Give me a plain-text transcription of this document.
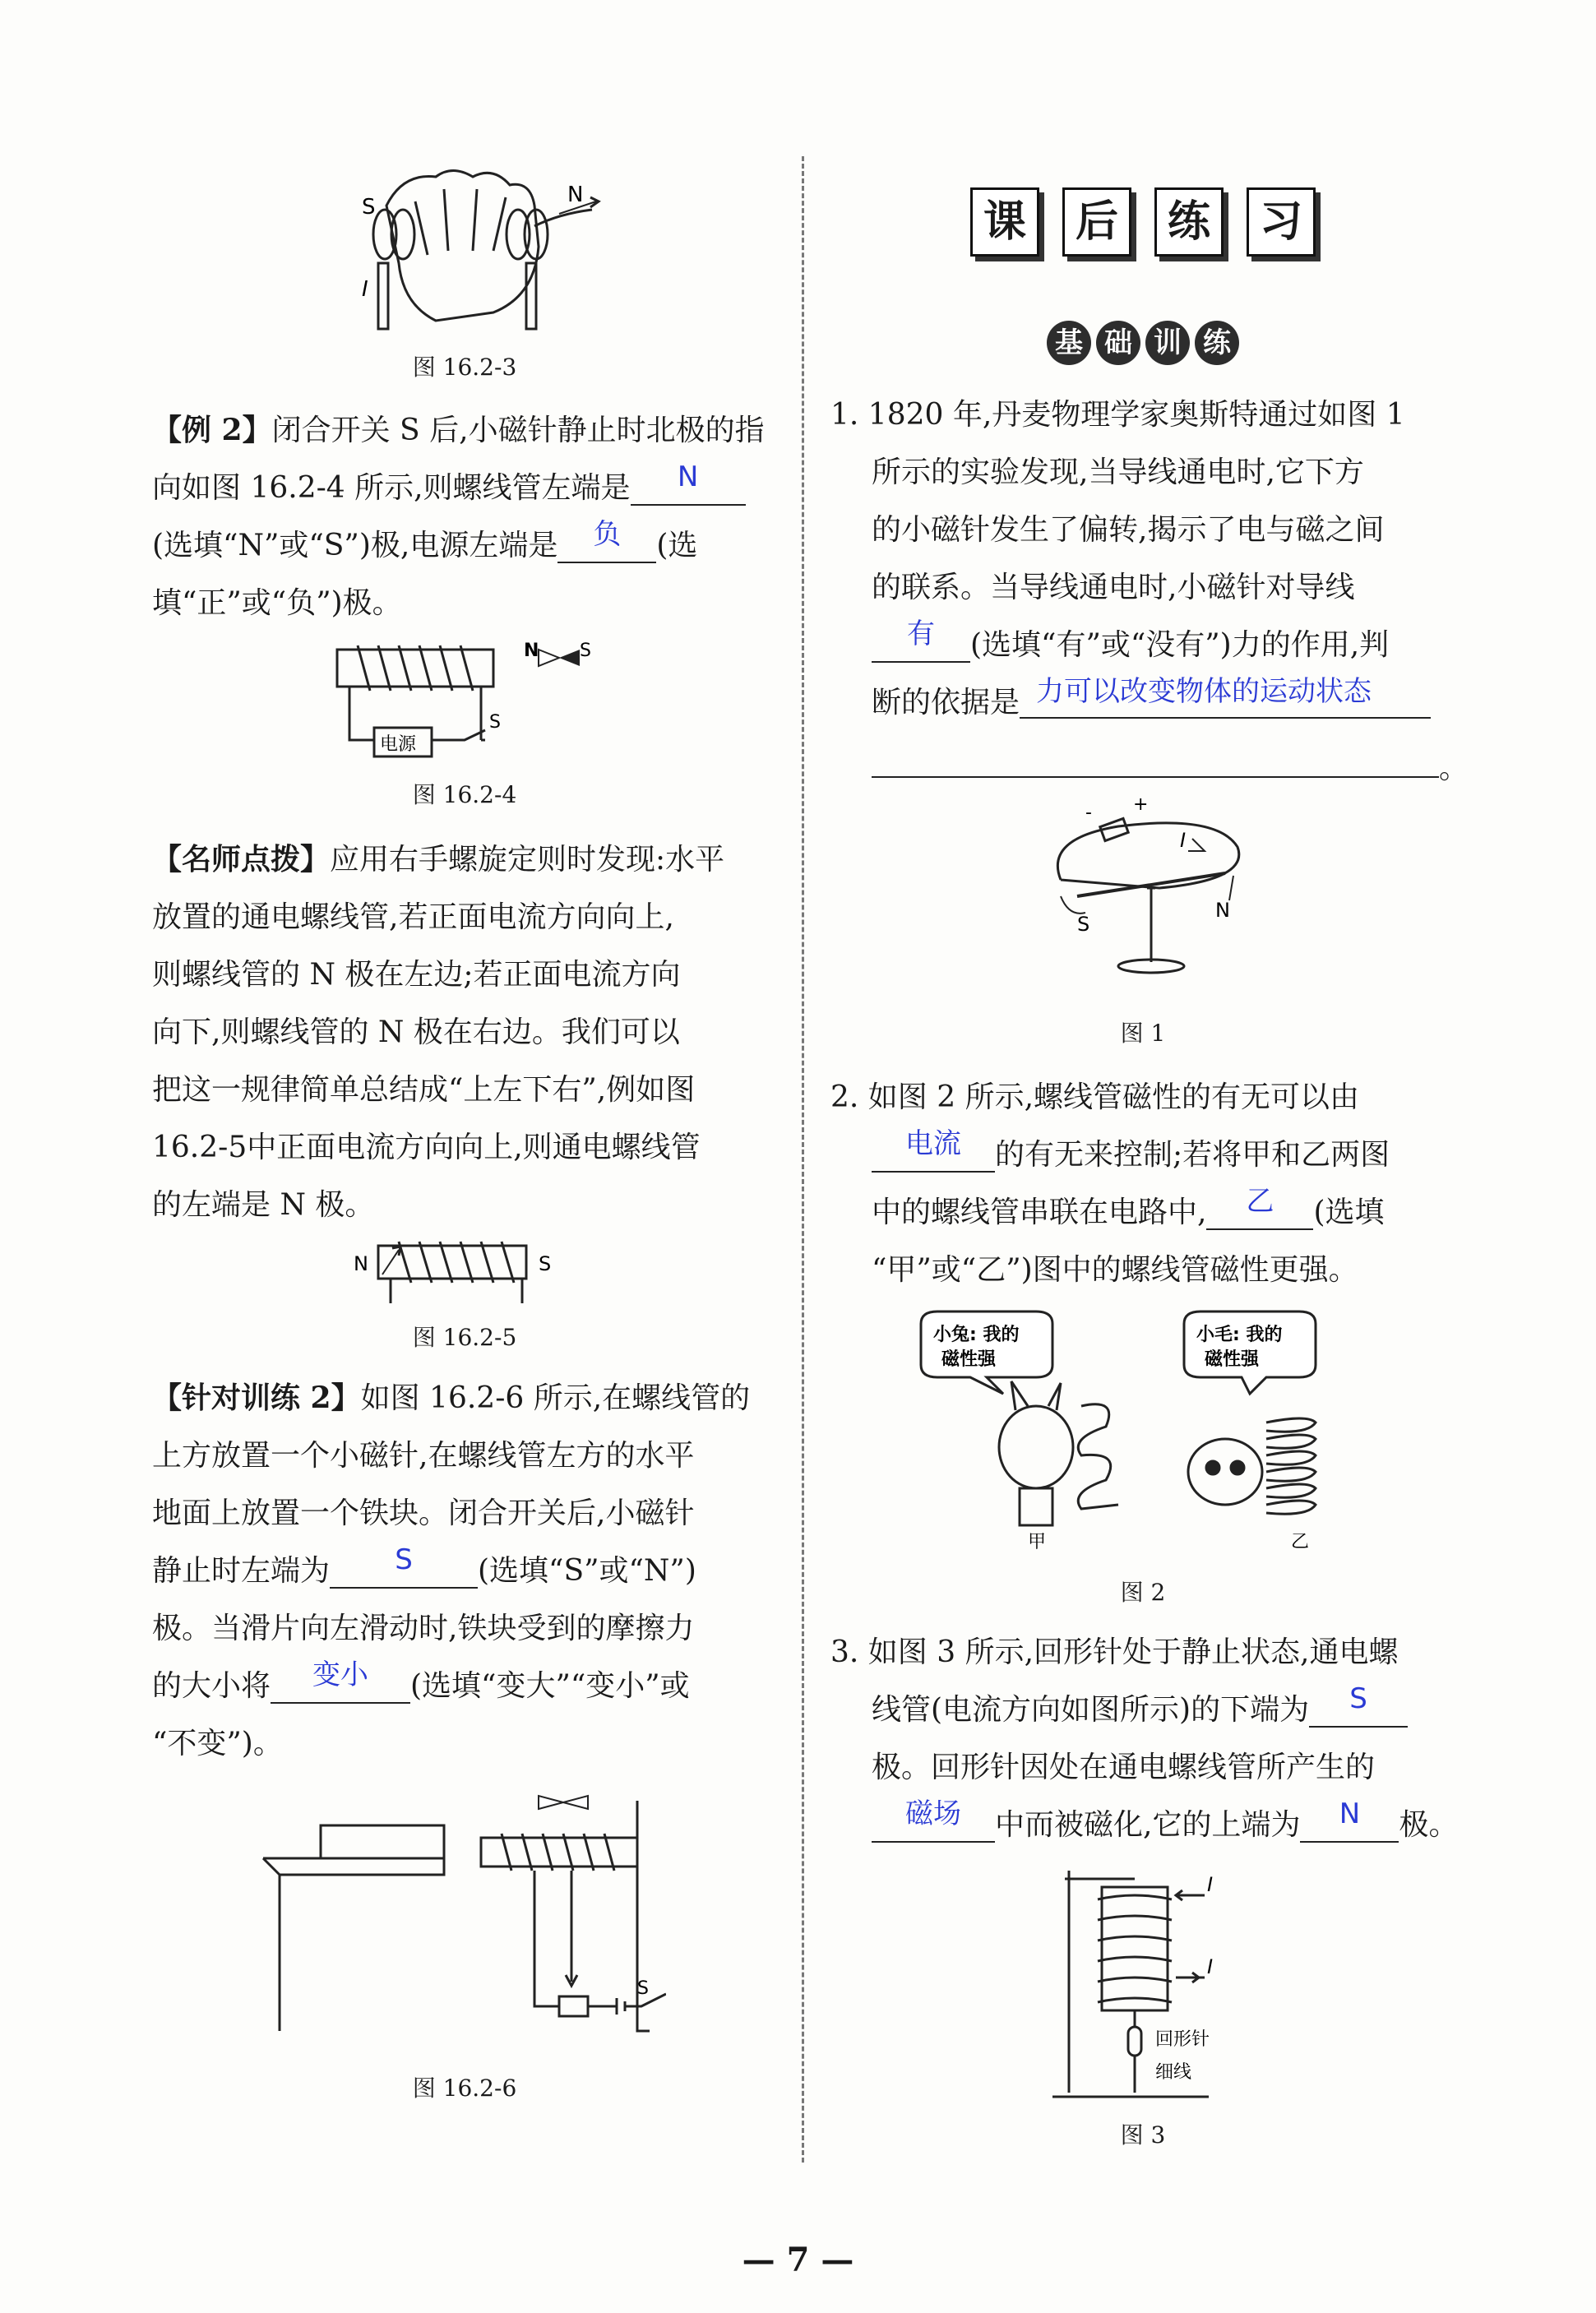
S	N
I
图 16.2-3
【例 2】闭合开关 S 后,小磁针静止时北极的指
向如图 16.2-4 所示,则螺线管左端是 N
(选填“N”或“S”)极,电源左端是 负 (选
填“正”或“负”)极。
N S
电源
S
图 16.2-4
【名师点拨】应用右手螺旋定则时发现:水平
放置的通电螺线管,若正面电流方向向上,
则螺线管的 N 极在左边;若正面电流方向
向下,则螺线管的 N 极在右边。我们可以
把这一规律简单总结成“上左下右”,例如图
16.2-5中正面电流方向向上,则通电螺线管
的左端是 N 极。
N	S
图 16.2-5
【针对训练 2】如图 16.2-6 所示,在螺线管的
上方放置一个小磁针,在螺线管左方的水平
地面上放置一个铁块。闭合开关后,小磁针
静止时左端为 S (选填“S”或“N”)
极。当滑片向左滑动时,铁块受到的摩擦力
的大小将 变小 (选填“变大”“变小”或
“不变”)。
S
图 16.2-6
课 后 练 习
基 础 训 练
1. 1820 年,丹麦物理学家奥斯特通过如图 1
所示的实验发现,当导线通电时,它下方
的小磁针发生了偏转,揭示了电与磁之间
的联系。当导线通电时,小磁针对导线
有 (选填“有”或“没有”)力的作用,判
断的依据是 力可以改变物体的运动状态
。
+
-
I
S
N
图 1
2. 如图 2 所示,螺线管磁性的有无可以由
电流 的有无来控制;若将甲和乙两图
中的螺线管串联在电路中, 乙 (选填
“甲”或“乙”)图中的螺线管磁性更强。
小兔: 我的
磁性强
小毛: 我的
磁性强
甲	乙
图 2
3. 如图 3 所示,回形针处于静止状态,通电螺
线管(电流方向如图所示)的下端为 S
极。回形针因处在通电螺线管所产生的
磁场 中而被磁化,它的上端为 N 极。
I
I
回形针
细线
图 3
— 7 —
